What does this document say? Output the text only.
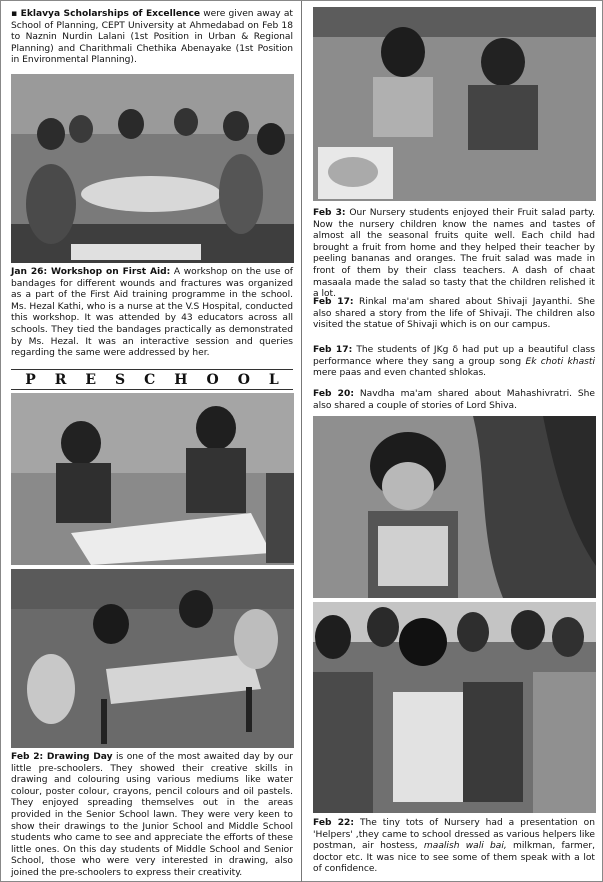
▪ Eklavya Scholarships of Excellence were given away at School of Planning, CEPT University at Ahmedabad on Feb 18 to Naznin Nurdin Lalani (1st Position in Urban & Regional Planning) and Charithmali Chethika Abenayake (1st Position in Environmental Planning).

Jan 26: Workshop on First Aid: A workshop on the use of bandages for different wounds and fractures was organized as a part of the First Aid training programme in the school. Ms. Hezal Kathi, who is a nurse at the V.S Hospital, conducted this workshop. It was attended by 43 educators across all schools. They tied the bandages practically as demonstrated by Ms. Hezal. It was an interactive session and queries regarding the same were addressed by her.

PRESCHOOL

Feb 2: Drawing Day is one of the most awaited day by our little pre-schoolers. They showed their creative skills in drawing and colouring using various mediums like water colour, poster colour, crayons, pencil colours and oil pastels. They enjoyed spreading themselves out in the areas provided in the Senior School lawn. They were very keen to show their drawings to the Junior School and Middle School students who came to see and appreciate the efforts of these little ones. On this day students of Middle School and Senior School, those who were very interested in drawing, also joined the pre-schoolers to express their creativity.

Feb 3: Our Nursery students enjoyed their Fruit salad party. Now the nursery children know the names and tastes of almost all the seasonal fruits quite well. Each child had brought a fruit from home and they helped their teacher by peeling bananas and oranges. The fruit salad was made in front of them by their class teachers. A dash of chaat masaala made the salad so tasty that the children relished it a lot.

Feb 17: Rinkal ma'am shared about Shivaji Jayanthi. She also shared a story from the life of Shivaji. The children also visited the statue of Shivaji which is on our campus.

Feb 17: The students of JKg δ had put up a beautiful class performance where they sang a group song Ek choti khasti mere paas and even chanted shlokas.

Feb 20: Navdha ma'am shared about Mahashivratri. She also shared a couple of stories of Lord Shiva.

Feb 22: The tiny tots of Nursery had a presentation on 'Helpers' ,they came to school dressed as various helpers like postman, air hostess, maalish wali bai, milkman, farmer, doctor etc. It was nice to see some of them speak with a lot of confidence.
